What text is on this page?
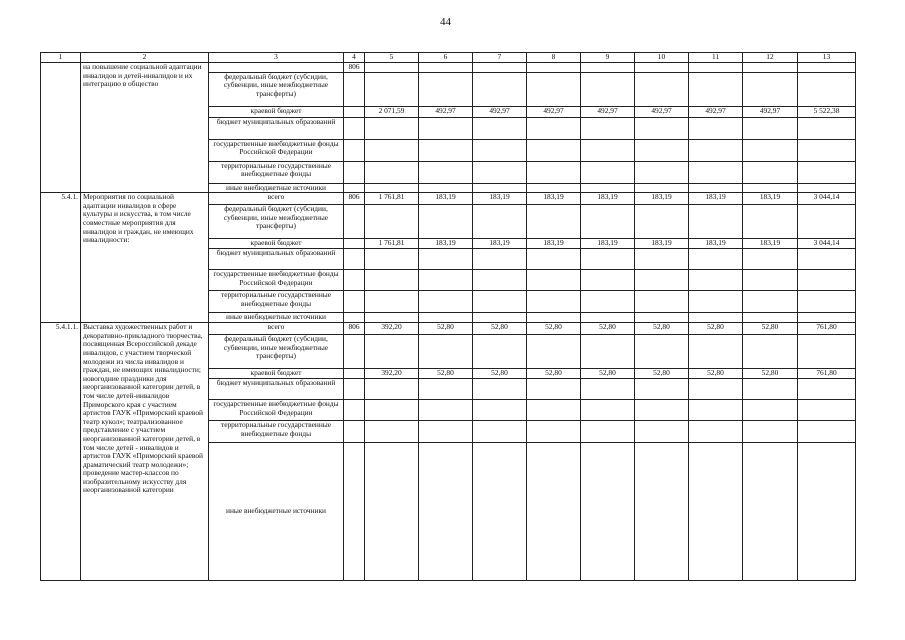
44
1	2	3	4	5	6	7	8	9	10	11	12	13
	на повышение социальной адаптации инвалидов и детей-инвалидов и их интеграцию в общество		806									
		федеральный бюджет (субсидии, субвенции, иные межбюджетные трансферты)										
		краевой бюджет		2 071,59	492,97	492,97	492,97	492,97	492,97	492,97	492,97	5 522,38
		бюджет муниципальных образований										
		государственные внебюджетные фонды Российской Федерации										
		территориальные государственные внебюджетные фонды										
		иные внебюджетные источники										
5.4.1.	Мероприятия по социальной адаптации инвалидов в сфере культуры и искусства, в том числе совместные мероприятия для инвалидов и граждан, не имеющих инвалидности:	всего	806	1 761,81	183,19	183,19	183,19	183,19	183,19	183,19	183,19	3 044,14
		федеральный бюджет (субсидии, субвенции, иные межбюджетные трансферты)										
		краевой бюджет		1 761,81	183,19	183,19	183,19	183,19	183,19	183,19	183,19	3 044,14
		бюджет муниципальных образований										
		государственные внебюджетные фонды Российской Федерации										
		территориальные государственные внебюджетные фонды										
		иные внебюджетные источники										
5.4.1.1.	Выставка художественных работ и декоративно-прикладного творчества, посвященная Всероссийской декаде инвалидов, с участием творческой молодежи из числа инвалидов и граждан, не имеющих инвалидности; новогодние праздники для неорганизованной категории детей, в том числе детей-инвалидов Приморского края с участием артистов ГАУК «Приморский краевой театр кукол»; театрализованное представление с участием неорганизованной категории детей, в том числе детей - инвалидов и артистов ГАУК «Приморский краевой драматический театр молодежи»; проведение мастер-классов по изобразительному искусству для неорганизованной категории	всего	806	392,20	52,80	52,80	52,80	52,80	52,80	52,80	52,80	761,80
		федеральный бюджет (субсидии, субвенции, иные межбюджетные трансферты)										
		краевой бюджет		392,20	52,80	52,80	52,80	52,80	52,80	52,80	52,80	761,80
		бюджет муниципальных образований										
		государственные внебюджетные фонды Российской Федерации										
		территориальные государственные внебюджетные фонды										
		иные внебюджетные источники										
